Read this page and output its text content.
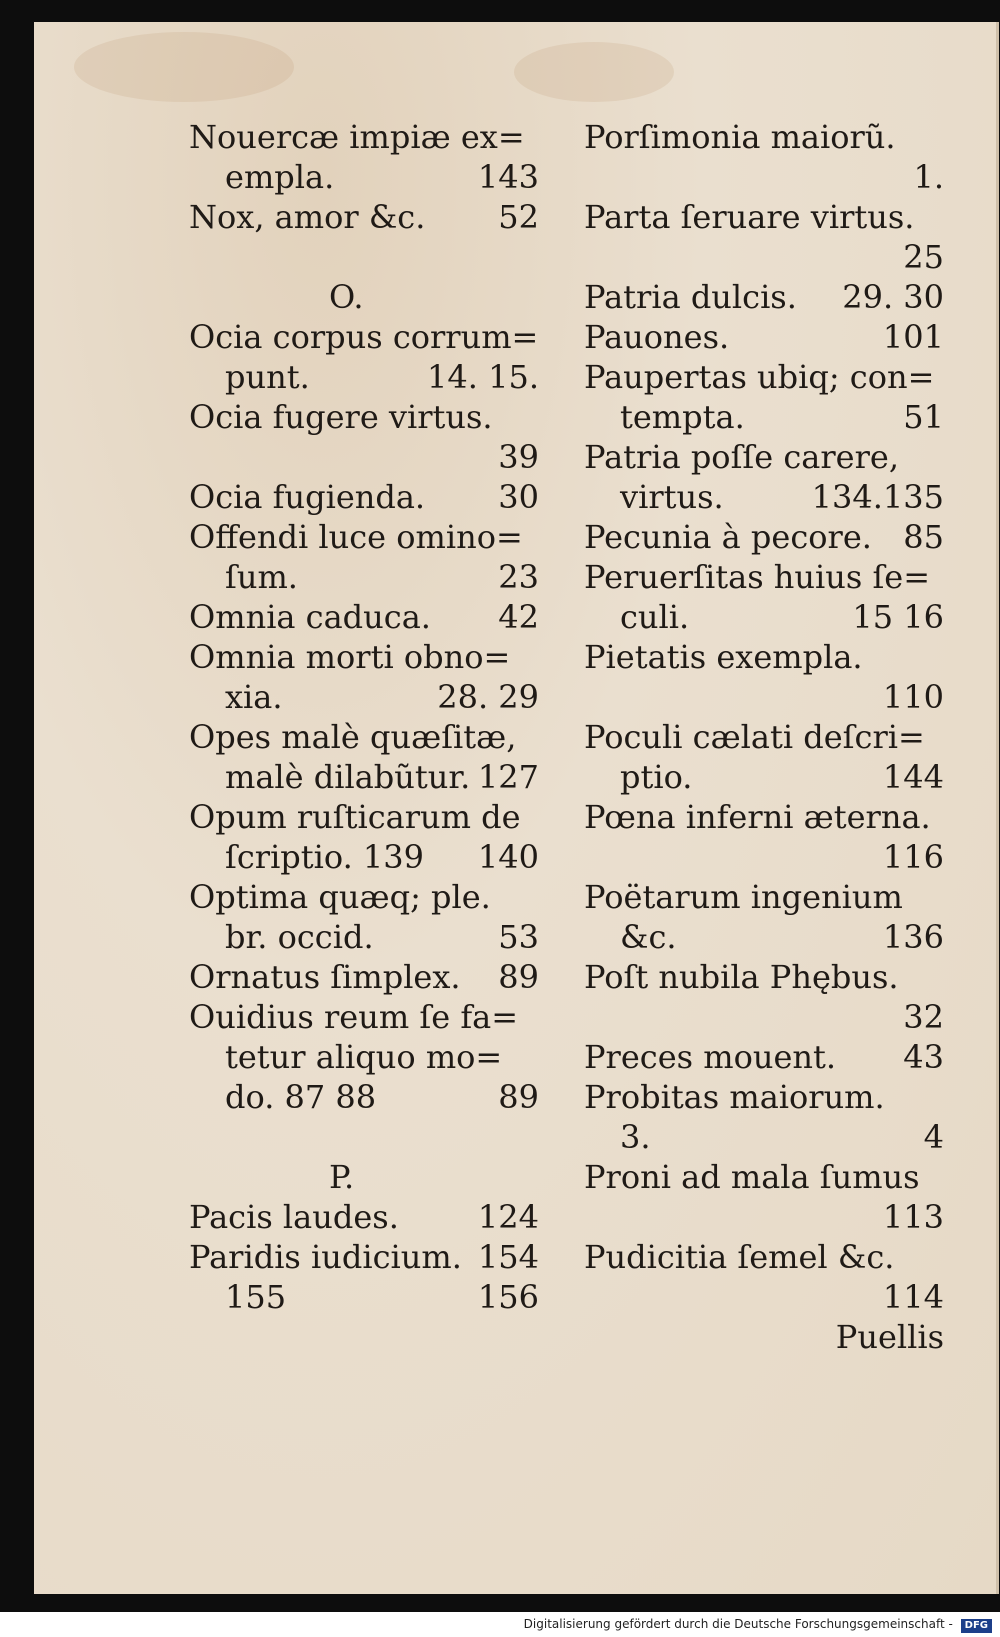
Nouercæ impiæ ex=
empla.	143
Nox, amor &c. 52
O.
Ocia corpus corrum=
punt.	14. 15.
Ocia fugere virtus.
39
Ocia fugienda. 30
Offendi luce omino=
ſum.	23
Omnia caduca. 42
Omnia morti obno=
xia.	28. 29
Opes malè quæſitæ,
malè dilabũtur. 127
Opum ruſticarum de
ſcriptio. 139 140
Optima quæq; ple.
br. occid.	53
Ornatus ſimplex. 89
Ouidius reum ſe fa=
tetur aliquo mo=
do. 87 88	89
P.
Pacis laudes. 124
Paridis iudicium. 154
155	156
Porſimonia maiorũ.
1.
Parta ſeruare virtus.
25
Patria dulcis. 29. 30
Pauones.	101
Paupertas ubiq; con=
tempta.	51
Patria poſſe carere,
virtus.	134.135
Pecunia à pecore. 85
Peruerſitas huius ſe=
culi.	15 16
Pietatis exempla.
110
Poculi cælati deſcri=
ptio.	144
Pœna inferni æterna.
116
Poëtarum ingenium
&c.	136
Poſt nubila Phębus.
32
Preces mouent. 43
Probitas maiorum.
3.	4
Proni ad mala ſumus
113
Pudicitia ſemel &c.
114
Puellis
Digitalisierung gefördert durch die Deutsche Forschungsgemeinschaft - DFG
